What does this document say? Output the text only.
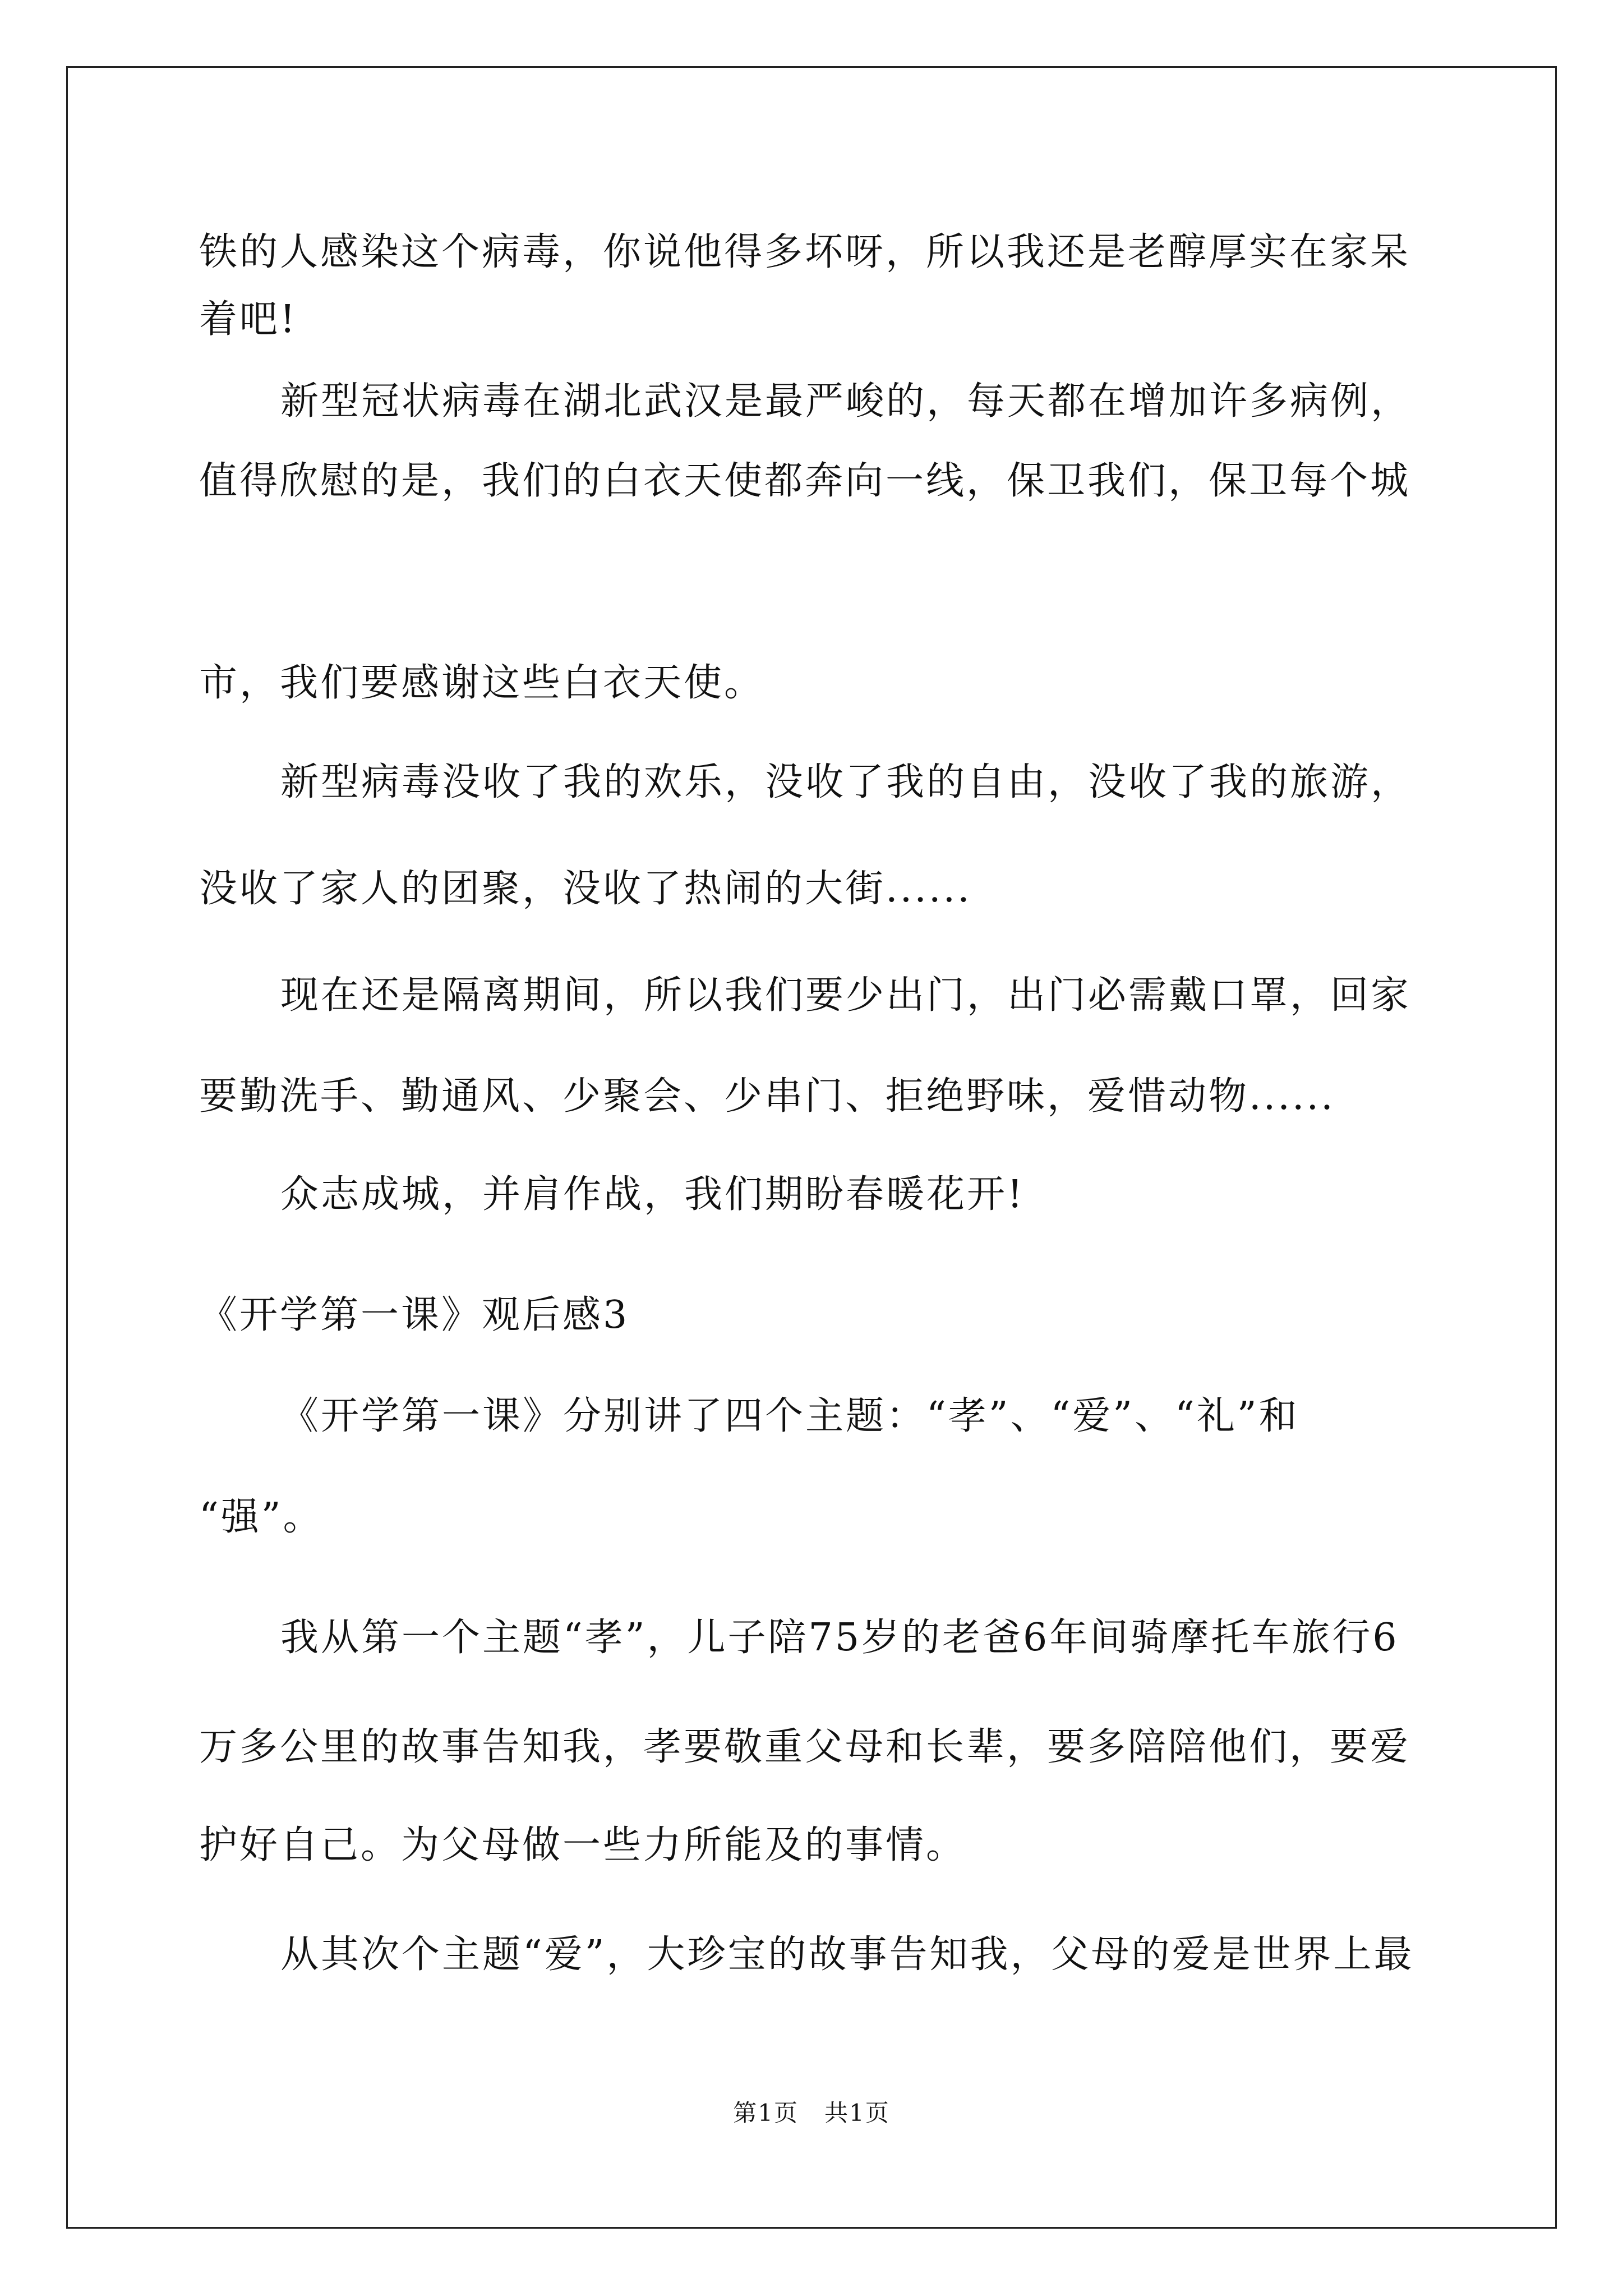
铁的人感染这个病毒，你说他得多坏呀，所以我还是老醇厚实在家呆
着吧!
新型冠状病毒在湖北武汉是最严峻的，每天都在增加许多病例，
值得欣慰的是，我们的白衣天使都奔向一线，保卫我们，保卫每个城
市，我们要感谢这些白衣天使。
新型病毒没收了我的欢乐，没收了我的自由，没收了我的旅游，
没收了家人的团聚，没收了热闹的大街......
现在还是隔离期间，所以我们要少出门，出门必需戴口罩，回家
要勤洗手、勤通风、少聚会、少串门、拒绝野味，爱惜动物......
众志成城，并肩作战，我们期盼春暖花开!
《开学第一课》观后感3
《开学第一课》分别讲了四个主题：“孝”、“爱”、“礼”和
“强”。
我从第一个主题“孝”，儿子陪75岁的老爸6年间骑摩托车旅行6
万多公里的故事告知我，孝要敬重父母和长辈，要多陪陪他们，要爱
护好自己。为父母做一些力所能及的事情。
从其次个主题“爱”，大珍宝的故事告知我，父母的爱是世界上最
第1页   共1页
